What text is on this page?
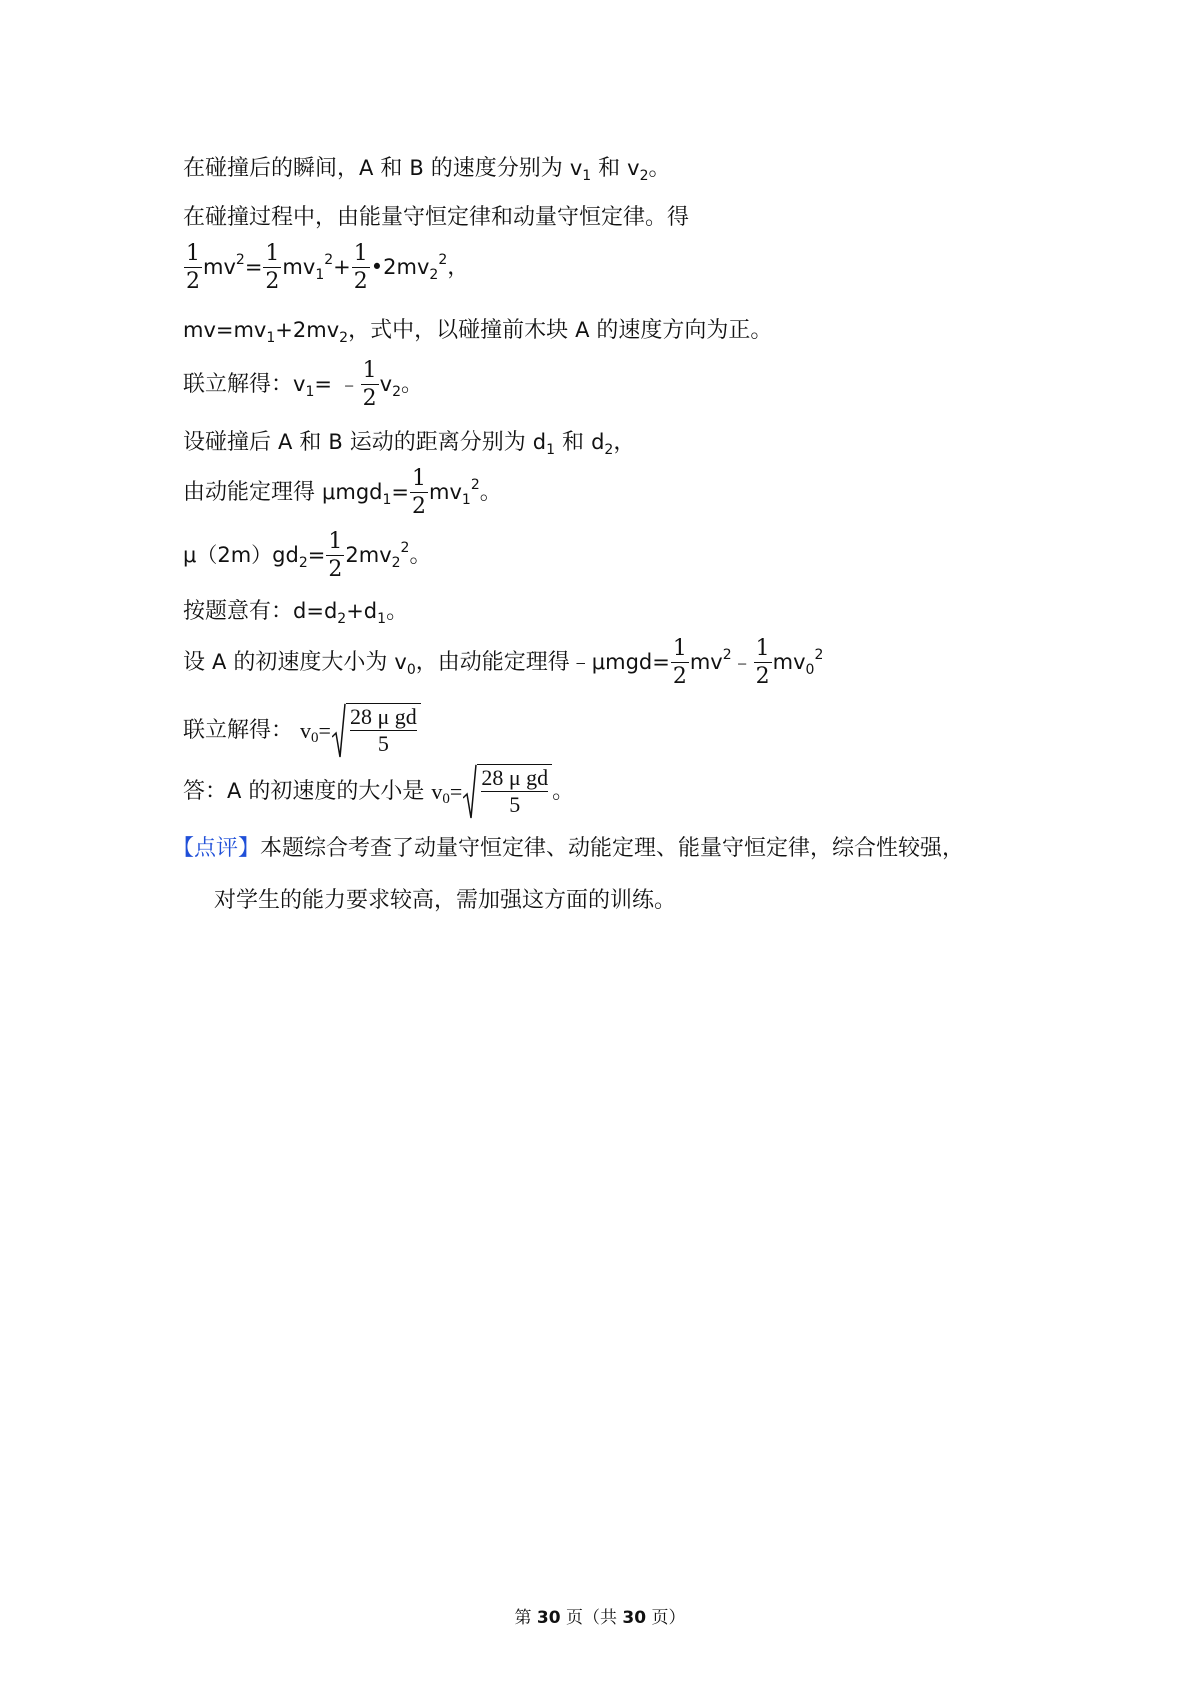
在碰撞后的瞬间，A 和 B 的速度分别为 $v_1$ 和 $v_2$。
在碰撞过程中，由能量守恒定律和动量守恒定律。得
$\frac{1}{2} mv^2= \frac{1}{2} mv_1^2+ \frac{1}{2}$ $•2mv_2^2$，
$mv=mv_1+2mv_2$，式中，以碰撞前木块 A 的速度方向为正。
联立解得：$v_1=$ ﹣ $\frac{1}{2} v_2$。
设碰撞后 A 和 B 运动的距离分别为 $d_1$ 和 $d_2$，
由动能定理得 $\mu mgd_1= \frac{1}{2} mv_1^2$。
$\mu(2m)gd_2= \frac{1}{2} 2mv_2^2$。
按题意有：$d=d_2+d_1$。
设 A 的初速度大小为 $v_0$，由动能定理得﹣μmgd= $\frac{1}{2}$ $mv^2﹣ \frac{1}{2} mv_0^2$
联立解得： $v_0=$
28 μ gd
5
答：A 的初速度的大小是 $v_0=$
28 μ gd
5
。
【点评】本题综合考查了动量守恒定律、动能定理、能量守恒定律，综合性较强，
对学生的能力要求较高，需加强这方面的训练。
第 30 页（共 30 页）
